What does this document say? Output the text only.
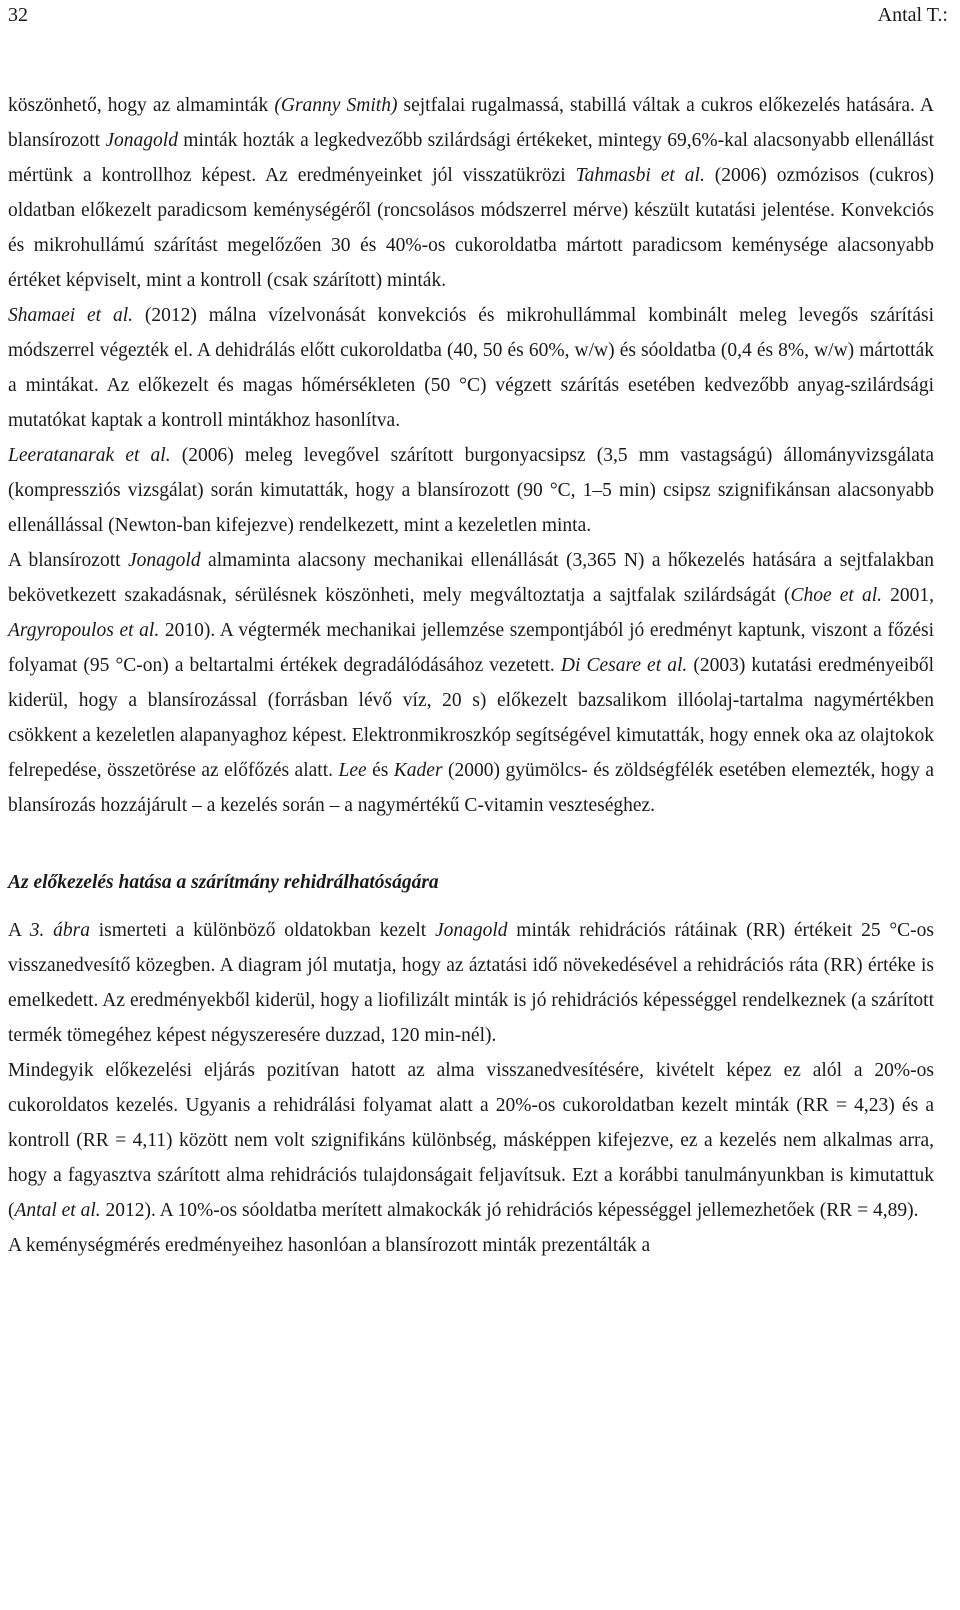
32	Antal T.:

köszönhető, hogy az almaminták (Granny Smith) sejtfalai rugalmassá, stabillá váltak a cukros előkezelés hatására. A blansírozott Jonagold minták hozták a legkedvezőbb szilárdsági értékeket, mintegy 69,6%-kal alacsonyabb ellenállást mértünk a kontrollhoz képest. Az eredményeinket jól visszatükrözi Tahmasbi et al. (2006) ozmózisos (cukros) oldatban előkezelt paradicsom keménységéről (roncsolásos módszerrel mérve) készült kutatási jelentése. Konvekciós és mikrohullámú szárítást megelőzően 30 és 40%-os cukoroldatba mártott paradicsom keménysége alacsonyabb értéket képviselt, mint a kontroll (csak szárított) minták.

Shamaei et al. (2012) málna vízelvonását konvekciós és mikrohullámmal kombinált meleg levegős szárítási módszerrel végezték el. A dehidrálás előtt cukoroldatba (40, 50 és 60%, w/w) és sóoldatba (0,4 és 8%, w/w) mártották a mintákat. Az előkezelt és magas hőmérsékleten (50 °C) végzett szárítás esetében kedvezőbb anyag-szilárdsági mutatókat kaptak a kontroll mintákhoz hasonlítva.

Leeratanarak et al. (2006) meleg levegővel szárított burgonyacsipsz (3,5 mm vastagságú) állományvizsgálata (kompressziós vizsgálat) során kimutatták, hogy a blansírozott (90 °C, 1–5 min) csipsz szignifikánsan alacsonyabb ellenállással (Newton-ban kifejezve) rendelkezett, mint a kezeletlen minta.

A blansírozott Jonagold almaminta alacsony mechanikai ellenállását (3,365 N) a hőkezelés hatására a sejtfalakban bekövetkezett szakadásnak, sérülésnek köszönheti, mely megváltoztatja a sajtfalak szilárdságát (Choe et al. 2001, Argyropoulos et al. 2010). A végtermék mechanikai jellemzése szempontjából jó eredményt kaptunk, viszont a főzési folyamat (95 °C-on) a beltartalmi értékek degradálódásához vezetett. Di Cesare et al. (2003) kutatási eredményeiből kiderül, hogy a blansírozással (forrásban lévő víz, 20 s) előkezelt bazsalikom illóolaj-tartalma nagymértékben csökkent a kezeletlen alapanyaghoz képest. Elektronmikroszkóp segítségével kimutatták, hogy ennek oka az olajtokok felrepedése, összetörése az előfőzés alatt. Lee és Kader (2000) gyümölcs- és zöldségfélék esetében elemezték, hogy a blansírozás hozzájárult – a kezelés során – a nagymértékű C-vitamin veszteséghez.

Az előkezelés hatása a szárítmány rehidrálhatóságára

A 3. ábra ismerteti a különböző oldatokban kezelt Jonagold minták rehidrációs rátáinak (RR) értékeit 25 °C-os visszanedvesítő közegben. A diagram jól mutatja, hogy az áztatási idő növekedésével a rehidrációs ráta (RR) értéke is emelkedett. Az eredményekből kiderül, hogy a liofilizált minták is jó rehidrációs képességgel rendelkeznek (a szárított termék tömegéhez képest négyszeresére duzzad, 120 min-nél).

Mindegyik előkezelési eljárás pozitívan hatott az alma visszanedvesítésére, kivételt képez ez alól a 20%-os cukoroldatos kezelés. Ugyanis a rehidrálási folyamat alatt a 20%-os cukoroldatban kezelt minták (RR = 4,23) és a kontroll (RR = 4,11) között nem volt szignifikáns különbség, másképpen kifejezve, ez a kezelés nem alkalmas arra, hogy a fagyasztva szárított alma rehidrációs tulajdonságait feljavítsuk. Ezt a korábbi tanulmányunkban is kimutattuk (Antal et al. 2012). A 10%-os sóoldatba merített almakockák jó rehidrációs képességgel jellemezhetőek (RR = 4,89).

A keménységmérés eredményeihez hasonlóan a blansírozott minták prezentálták a
